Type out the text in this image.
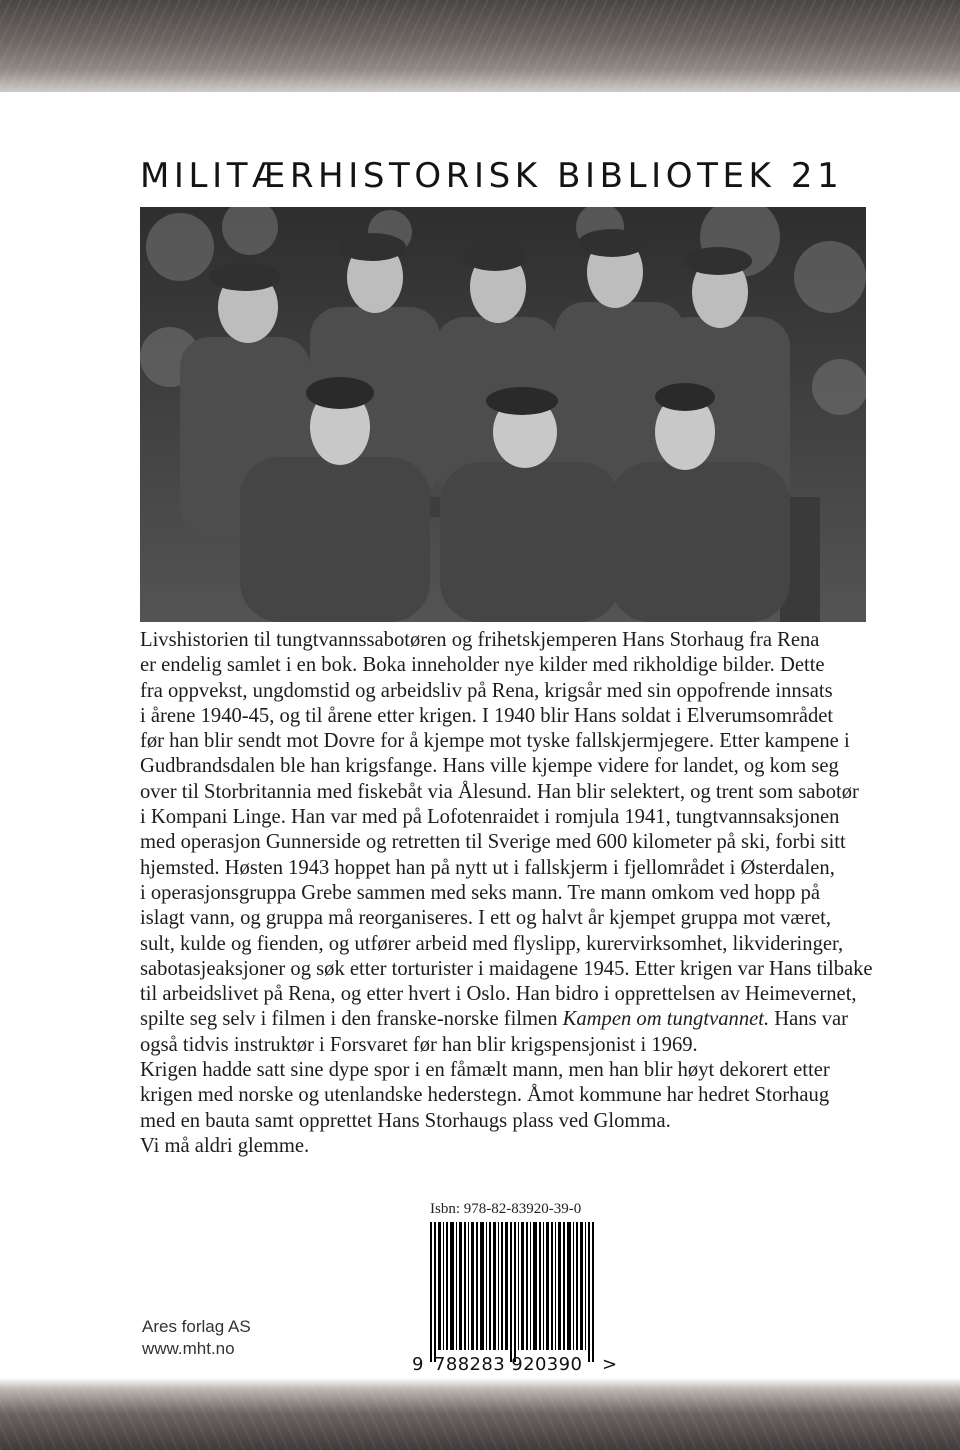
MILITÆRHISTORISK BIBLIOTEK 21

Livshistorien til tungtvannssabotøren og frihetskjemperen Hans Storhaug fra Rena

er endelig samlet i en bok. Boka inneholder nye kilder med rikholdige bilder. Dette

fra oppvekst, ungdomstid og arbeidsliv på Rena, krigsår med sin oppofrende innsats

i årene 1940-45, og til årene etter krigen. I 1940 blir Hans soldat i Elverumsområdet

før han blir sendt mot Dovre for å kjempe mot tyske fallskjermjegere. Etter kampene i

Gudbrandsdalen ble han krigsfange. Hans ville kjempe videre for landet, og kom seg

over til Storbritannia med fiskebåt via Ålesund. Han blir selektert, og trent som sabotør

i Kompani Linge. Han var med på Lofotenraidet i romjula 1941, tungtvannsaksjonen

med operasjon Gunnerside og retretten til Sverige med 600 kilometer på ski, forbi sitt

hjemsted. Høsten 1943 hoppet han på nytt ut i fallskjerm i fjellområdet i Østerdalen,

i operasjonsgruppa Grebe sammen med seks mann. Tre mann omkom ved hopp på

islagt vann, og gruppa må reorganiseres. I ett og halvt år kjempet gruppa mot været,

sult, kulde og fienden, og utfører arbeid med flyslipp, kurervirksomhet, likvideringer,

sabotasjeaksjoner og søk etter torturister i maidagene 1945. Etter krigen var Hans tilbake

til arbeidslivet på Rena, og etter hvert i Oslo. Han bidro i opprettelsen av Heimevernet,

spilte seg selv i filmen i den franske-norske filmen Kampen om tungtvannet. Hans var

også tidvis instruktør i Forsvaret før han blir krigspensjonist i 1969.

Krigen hadde satt sine dype spor i en fåmælt mann, men han blir høyt dekorert etter

krigen med norske og utenlandske hederstegn. Åmot kommune har hedret Storhaug

med en bauta samt opprettet Hans Storhaugs plass ved Glomma.

Vi må aldri glemme.

Isbn: 978-82-83920-39-0
9 788283 920390 >
Ares forlag AS
www.mht.no
